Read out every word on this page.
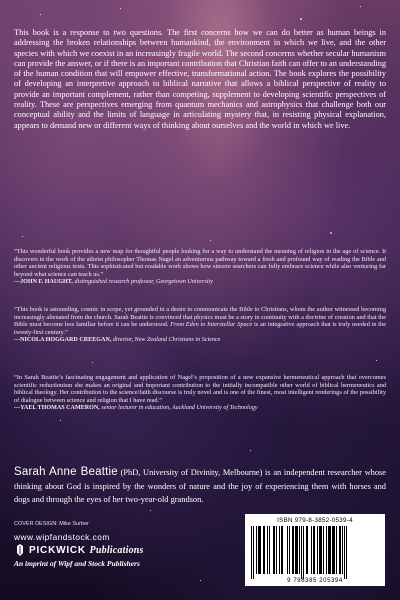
This book is a response to two questions. The first concerns how we can do better as human beings in addressing the broken relationships between humankind, the environment in which we live, and the other species with which we coexist in an increasingly fragile world. The second concerns whether secular humanism can provide the answer, or if there is an important contribution that Christian faith can offer to an understanding of the human condition that will empower effective, transformational action. The book explores the possibility of developing an interpretive approach to biblical narrative that allows a biblical perspective of reality to provide an important complement, rather than competing, supplement to developing scientific perspectives of reality. These are perspectives emerging from quantum mechanics and astrophysics that challenge both our conceptual ability and the limits of language in articulating mystery that, in resisting physical explanation, appears to demand new or different ways of thinking about ourselves and the world in which we live.

“This wonderful book provides a new map for thoughtful people looking for a way to understand the meaning of religion in the age of science. It discovers in the work of the atheist philosopher Thomas Nagel an adventurous pathway toward a fresh and profound way of reading the Bible and other ancient religious texts. This sophisticated but readable work shows how sincere searchers can fully embrace science while also venturing far beyond what science can teach us.”

—JOHN F. HAUGHT, distinguished research professor, Georgetown University

“This book is astounding, cosmic in scope, yet grounded in a desire to communicate the Bible to Christians, whom the author witnessed becoming increasingly alienated from the church. Sarah Beattie is convinced that physics must be a story in continuity with a doctrine of creation and that the Bible must become less familiar before it can be understood. From Eden to Interstellar Space is an integrative approach that is truly needed in the twenty-first century.”

—NICOLA HOGGARD CREEGAN, director, New Zealand Christians in Science

“In Sarah Beattie’s fascinating engagement and application of Nagel’s proposition of a new expansive hermeneutical approach that overcomes scientific reductionism she makes an original and important contribution to the initially incompatible other world of biblical hermeneutics and biblical theology. Her contribution to the science/faith discourse is truly novel and is one of the finest, most intelligent renderings of the possibility of dialogue between science and religion that I have read.”

—YAEL THOMAS CAMERON, senior lecturer in education, Auckland University of Technology

Sarah Anne Beattie (PhD, University of Divinity, Melbourne) is an independent researcher whose thinking about God is inspired by the wonders of nature and the joy of experiencing them with horses and dogs and through the eyes of her two-year-old grandson.

COVER DESIGN: Mike Surber
www.wipfandstock.com
PICKWICK Publications
An imprint of Wipf and Stock Publishers
ISBN 979-8-3852-0539-4
9 798385 205394
